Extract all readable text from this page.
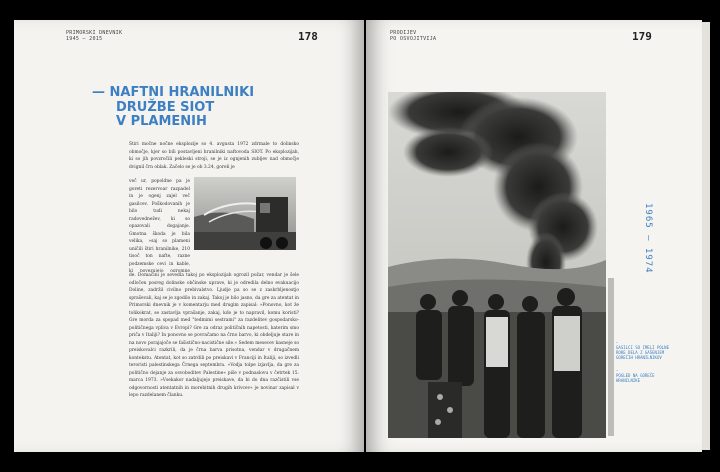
PRIMORSKI DNEVNIK
1945 – 2015	178
— NAFTNI HRANILNIKI
DRUŽBE SIOT
V PLAMENIH

Štiri močne nočne eksplozije so 4. avgusta 1972 zdrmale to dolinsko območje, kjer so bili postavljeni hranilniki naftovoda SIOT. Po eksplozijah, ki so jih povzročili pekleski stroji, se je iz ognjenih zubljev nad območje dvignil črn oblak. Začelo se je ob 3.24, goreli je

več ur, popoldne pa je goreti rezervoar razpadel in je ogenj zajel več gasilcev. Poškodovanih je bilo tudi nekaj radovednežev, ki so opazovali dogajanje. Gmotna škoda je bila velika, »saj so plameni uničili štiri hranilnike, 210 tisoč ton nafte, razne podzemske cevi in kable, ki povezujejo ogromne

de. Domačini je sevedla takoj po eksplozijah ogrozil požar, vendar je šele odločen posreg dolinske občinske uprave, ki je odredila delno evakuacijo Doline, zadržil civilno prebivalstvo. Ljudje pa so se z zaskrbljenostjo spraševali, kaj se je zgodilo in zakaj. Takoj je bilo jasno, da gre za atentat in Primorski dnevnik je v komentarju med drugim zapisal: »Ponovno, kot že tolikokrat, se zastavlja vprašanje, zakaj, kdo je to napravil, komu koristi? Gre morda za spopad med "tedmimi sestrami" za razdelitev gospodarsko-političnega vpliva v Evropi? Gre za odraz političnih napetosti, katerim smo priča v Italiji? In ponovno se povračamo na črno barvo, ki obdeljuje stare in na novo porajajoče se fašistično-nacistične sile.« Sedem mesecev kasneje so preiskovalci razkrili, da je črna barva prisotna, vendar v drugačnem kontekstu. Atentat, kot so zatrdili po preiskavi v Franciji in Italiji, so izvedli teroristi palestinskega Črnega septembra. »Vodja tolpe izjavlja, da gre za politično dejanje za osvoboditev Palestine« piše v podnaslovu v četrtek 15. marca 1973. »Vsekakor nadaljujejo preiskave, da bi do dna razčistili vse odgovornosti atentatnih in morebitnih drugih krivcev« je novinar zapisal v lepo razdelanem članku.

PRODIJEV
PO OSVOJITVIJA	179
1965 — 1974
⁃
GASILCI SO IMELI POLNE ROKE DELA Z GAŠENJEM GOREČIH HRANILNIKOV
⁃
POGLED NA GOREČE HRANILNIKE
